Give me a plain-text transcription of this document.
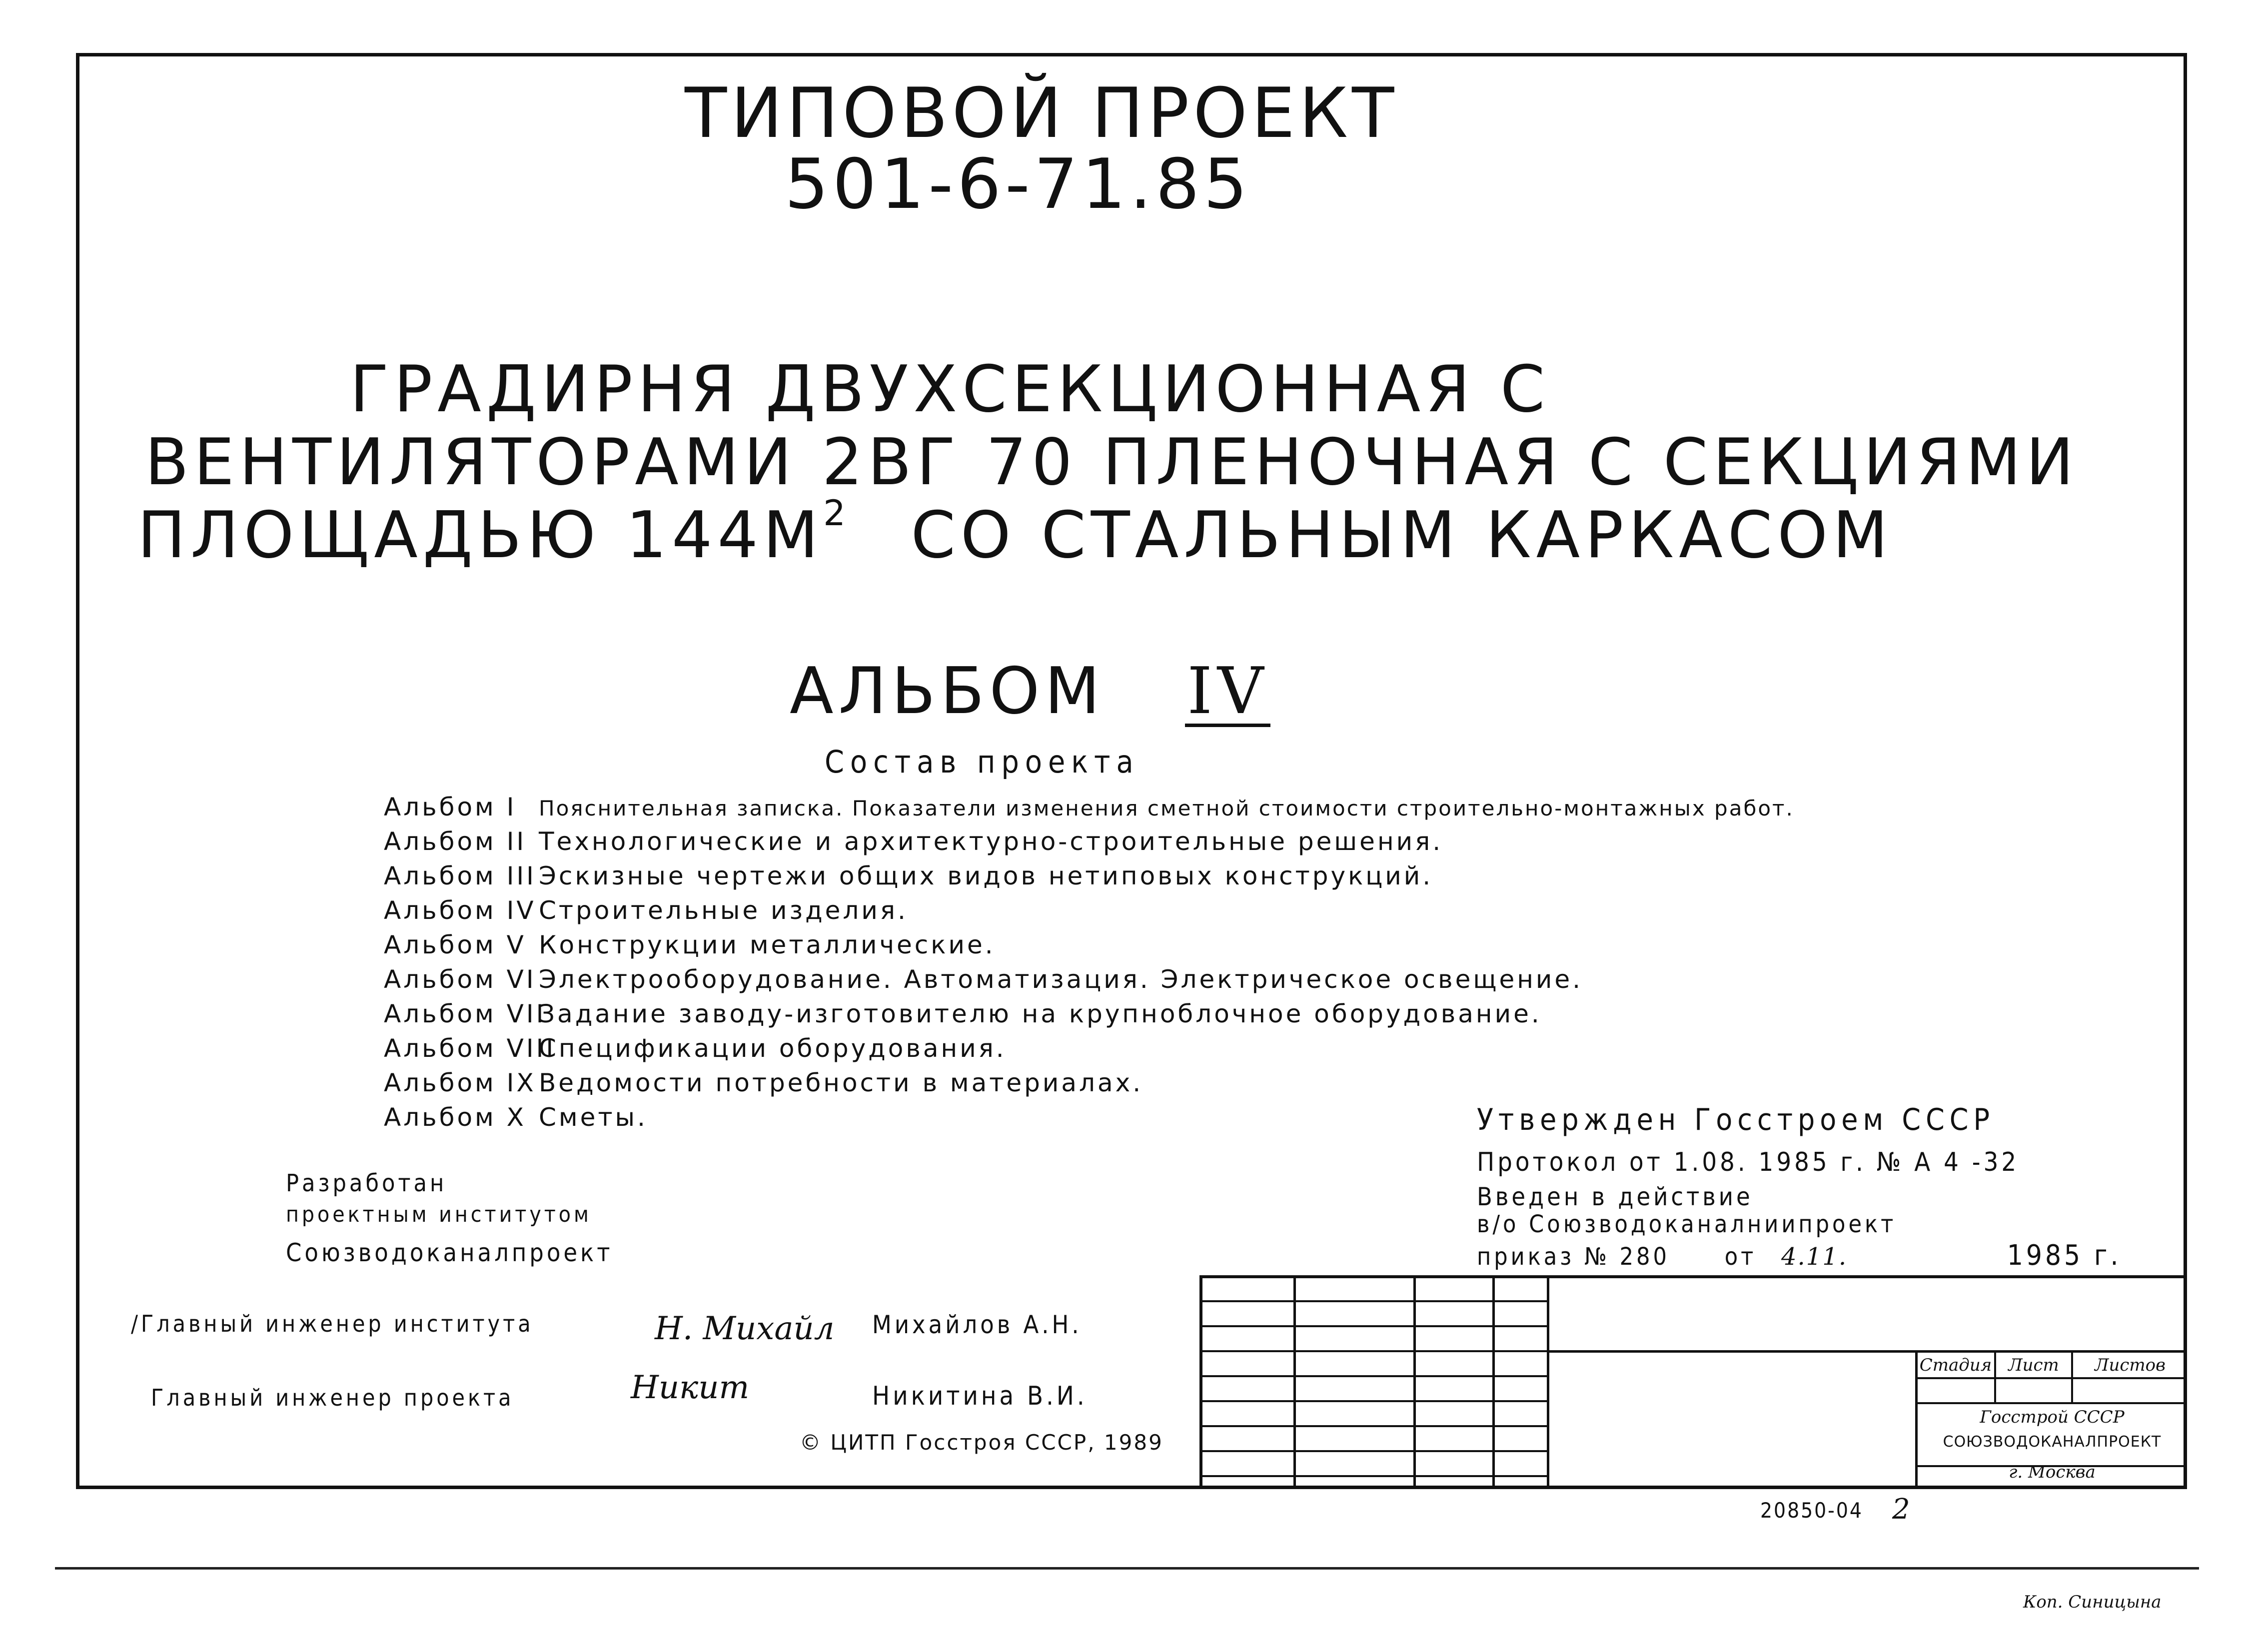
ТИПОВОЙ ПРОЕКТ
501-6-71.85
ГРАДИРНЯ ДВУХСЕКЦИОННАЯ С
ВЕНТИЛЯТОРАМИ 2ВГ 70 ПЛЕНОЧНАЯ С СЕКЦИЯМИ
ПЛОЩАДЬЮ $144М^2$ СО СТАЛЬНЫМ КАРКАСОМ
АЛЬБОМ IV
Состав проекта
Альбом I Пояснительная записка. Показатели изменения сметной стоимости строительно-монтажных работ.
Альбом II Технологические и архитектурно-строительные решения.
Альбом III Эскизные чертежи общих видов нетиповых конструкций.
Альбом IV Строительные изделия.
Альбом V Конструкции металлические.
Альбом VI Электрооборудование. Автоматизация. Электрическое освещение.
Альбом VIIЗадание заводу-изготовителю на крупноблочное оборудование.
Альбом VIIIСпецификации оборудования.
Альбом IX Ведомости потребности в материалах.
Альбом X Сметы.
Разработан
проектным институтом
Союзводоканалпроект
Утвержден Госстроем СССР
Протокол от 1.08. 1985 г. № А 4 -32
Введен в действие
в/о Союзводоканалниипроект
приказ № 280 от 4.11.	1985 г.
/Главный инженер института	Н. Михайл Михайлов А.Н.
Главный инженер проекта	Никит	Никитина В.И.
© ЦИТП Госстроя СССР, 1989
Стадия Лист	Листов
Госстрой СССР
СОЮЗВОДОКАНАЛПРОЕКТ
г. Москва
20850-04 2
Коп. Синицына
